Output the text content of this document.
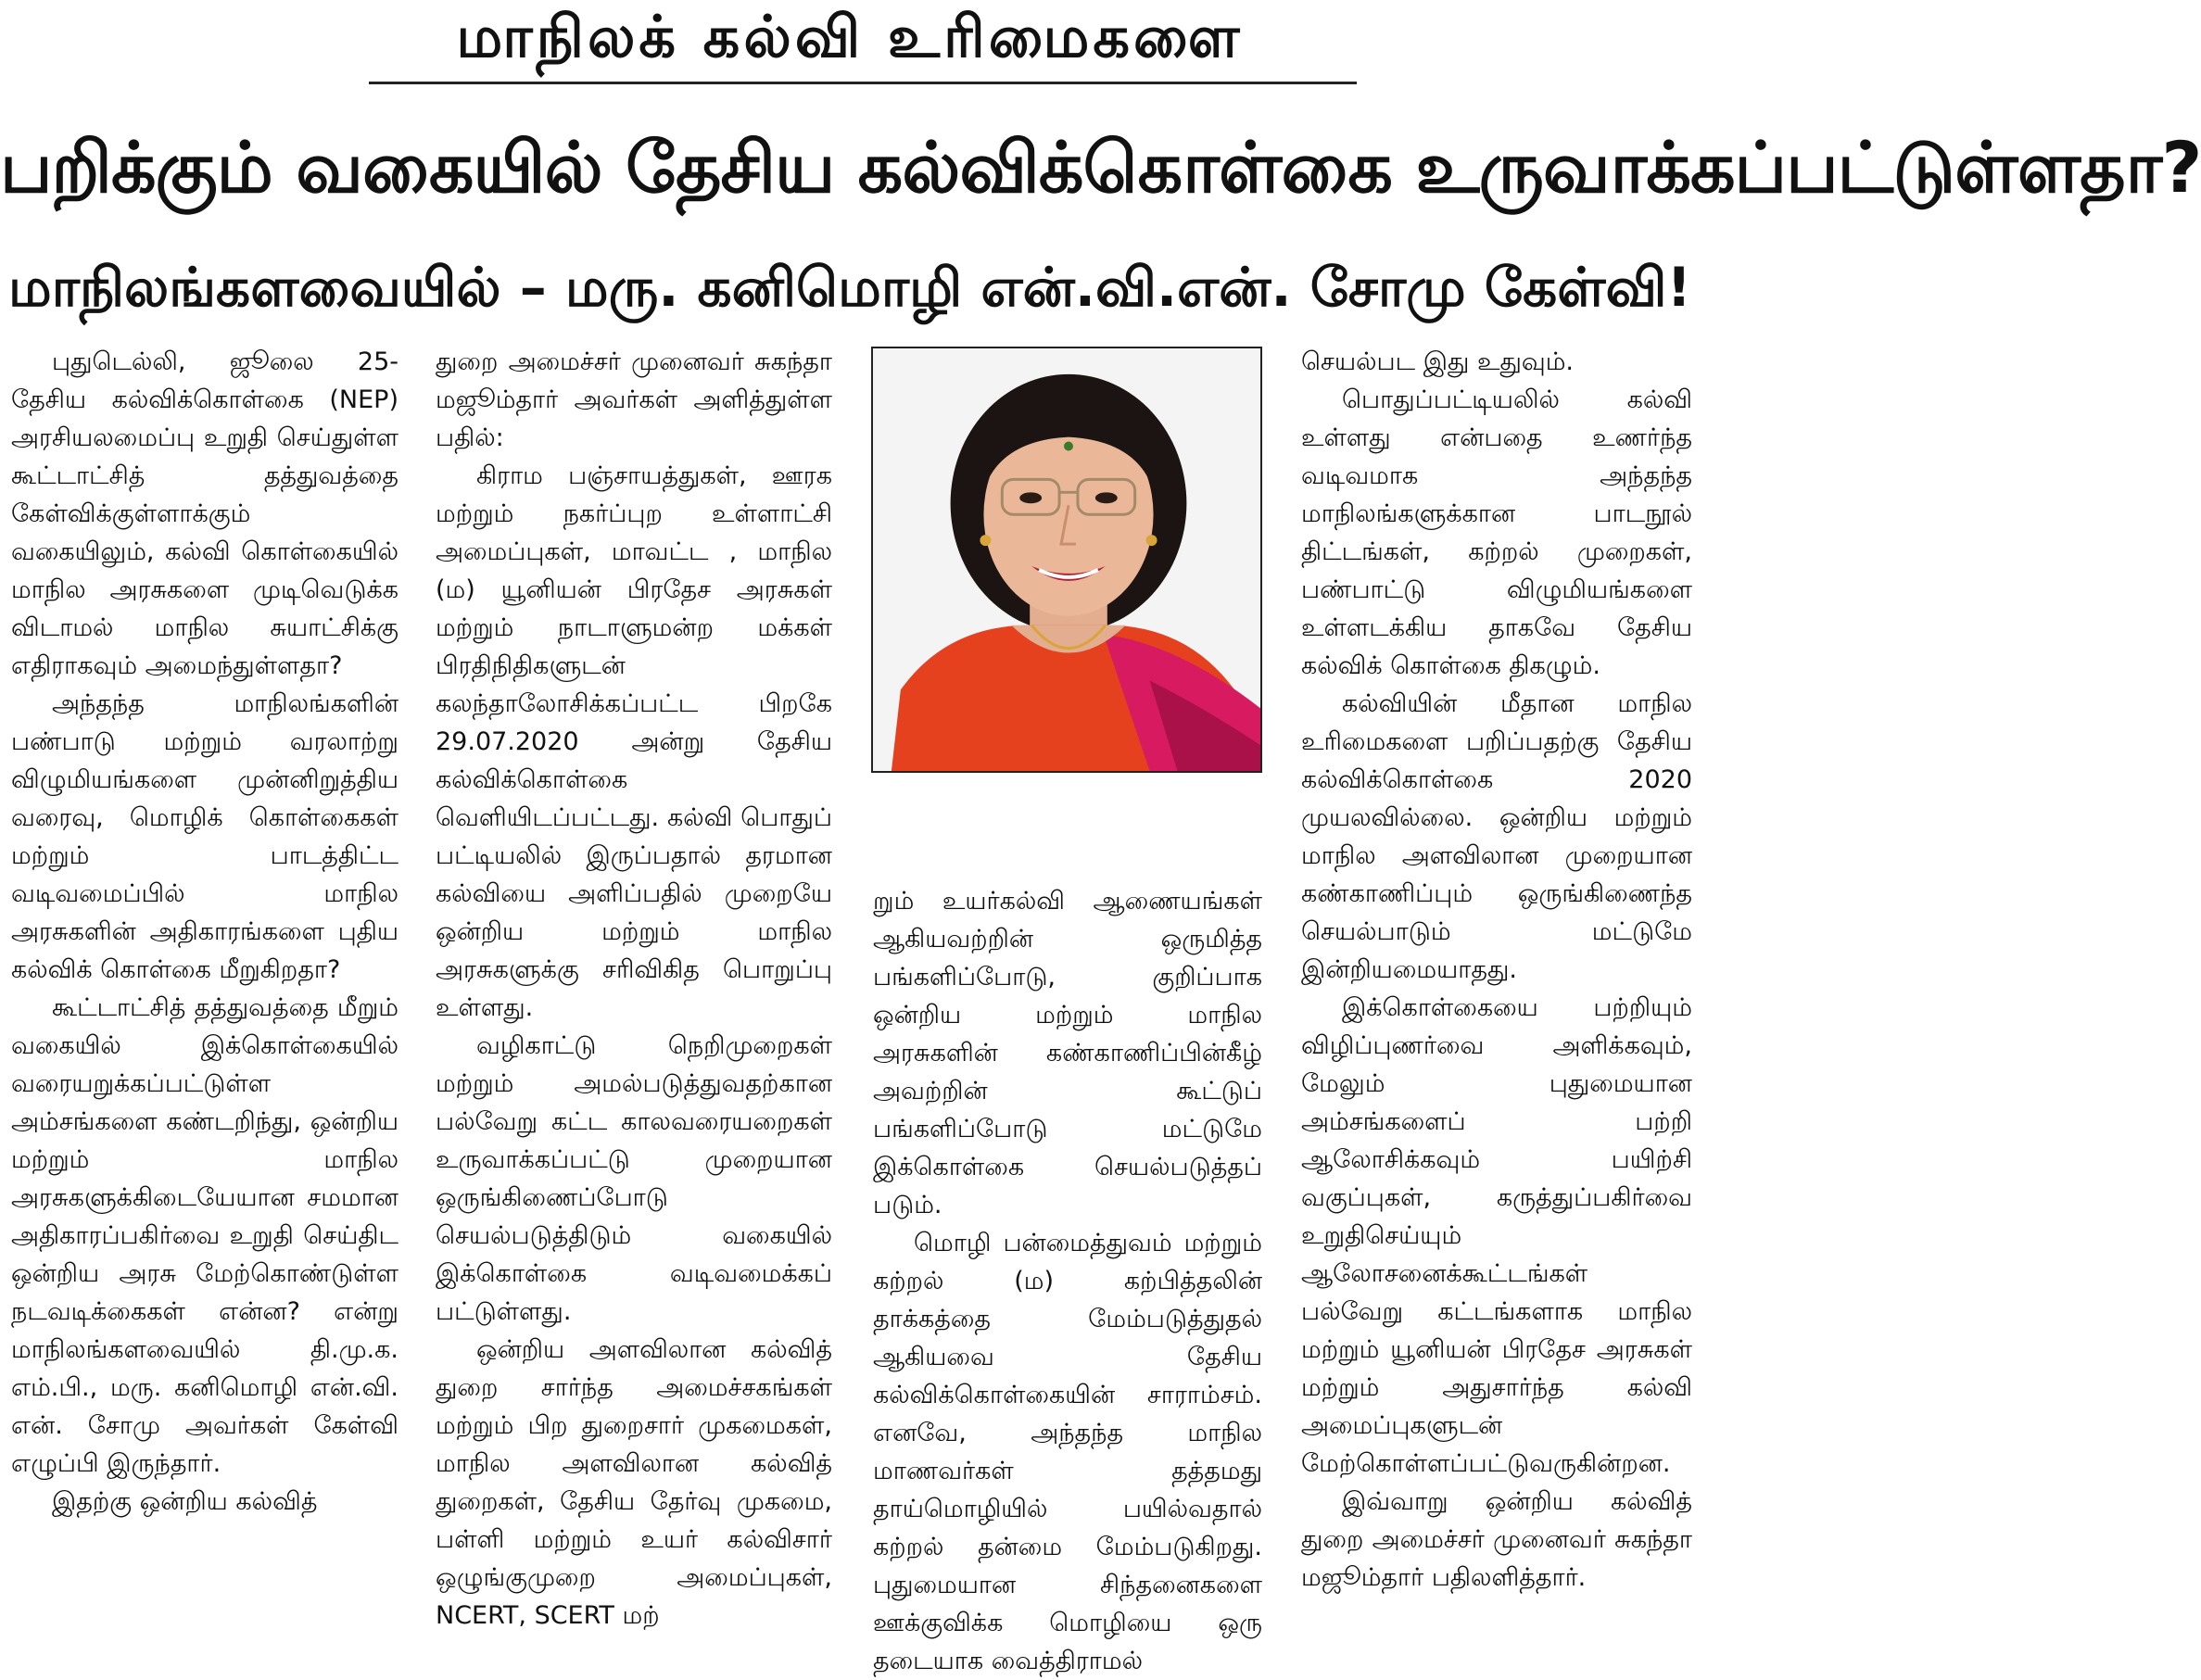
மாநிலக் கல்வி உரிமைகளை
பறிக்கும் வகையில் தேசிய கல்விக்கொள்கை உருவாக்கப்பட்டுள்ளதா?
மாநிலங்களவையில் – மரு. கனிமொழி என்.வி.என். சோமு கேள்வி!

புதுடெல்லி, ஜூலை 25- தேசிய கல்விக்கொள்கை (NEP) அரசியலமைப்பு உறுதி செய்துள்ள கூட்டாட்சித் தத்துவத்தை கேள்விக்குள்ளாக்கும் வகையிலும், கல்வி கொள்கையில் மாநில அரசுகளை முடிவெடுக்க விடாமல் மாநில சுயாட்சிக்கு எதிராகவும் அமைந்துள்ளதா?

அந்தந்த மாநிலங்களின் பண்பாடு மற்றும் வரலாற்று விழுமியங்களை முன்னிறுத்திய வரைவு, மொழிக் கொள்கைகள் மற்றும் பாடத்திட்ட வடிவமைப்பில் மாநில அரசுகளின் அதிகாரங்களை புதிய கல்விக் கொள்கை மீறுகிறதா?

கூட்டாட்சித் தத்துவத்தை மீறும் வகையில் இக்கொள்கையில் வரையறுக்கப்பட்டுள்ள அம்சங்களை கண்டறிந்து, ஒன்றிய மற்றும் மாநில அரசுகளுக்கிடையேயான சமமான அதிகாரப்பகிர்வை உறுதி செய்திட ஒன்றிய அரசு மேற்கொண்டுள்ள நடவடிக்கைகள் என்ன? என்று மாநிலங்களவையில் தி.மு.க. எம்.பி., மரு. கனிமொழி என்.வி. என். சோமு அவர்கள் கேள்வி எழுப்பி இருந்தார்.

இதற்கு ஒன்றிய கல்வித்

துறை அமைச்சர் முனைவர் சுகந்தா மஜூம்தார் அவர்கள் அளித்துள்ள பதில்:

கிராம பஞ்சாயத்துகள், ஊரக மற்றும் நகர்ப்புற உள்ளாட்சி அமைப்புகள், மாவட்ட , மாநில (ம) யூனியன் பிரதேச அரசுகள் மற்றும் நாடாளுமன்ற மக்கள் பிரதிநிதிகளுடன் கலந்தாலோசிக்கப்பட்ட பிறகே 29.07.2020 அன்று தேசிய கல்விக்கொள்கை வெளியிடப்பட்டது. கல்வி பொதுப் பட்டியலில் இருப்பதால் தரமான கல்வியை அளிப்பதில் முறையே ஒன்றிய மற்றும் மாநில அரசுகளுக்கு சரிவிகித பொறுப்பு உள்ளது.

வழிகாட்டு நெறிமுறைகள் மற்றும் அமல்படுத்துவதற்கான பல்வேறு கட்ட காலவரையறைகள் உருவாக்கப்பட்டு முறையான ஒருங்கிணைப்போடு செயல்படுத்திடும் வகையில் இக்கொள்கை வடிவமைக்கப் பட்டுள்ளது.

ஒன்றிய அளவிலான கல்வித் துறை சார்ந்த அமைச்சகங்கள் மற்றும் பிற துறைசார் முகமைகள், மாநில அளவிலான கல்வித் துறைகள், தேசிய தேர்வு முகமை, பள்ளி மற்றும் உயர் கல்விசார் ஒழுங்குமுறை அமைப்புகள், NCERT, SCERT மற்

றும் உயர்கல்வி ஆணையங்கள் ஆகியவற்றின் ஒருமித்த பங்களிப்போடு, குறிப்பாக ஒன்றிய மற்றும் மாநில அரசுகளின் கண்காணிப்பின்கீழ் அவற்றின் கூட்டுப் பங்களிப்போடு மட்டுமே இக்கொள்கை செயல்படுத்தப் படும்.

மொழி பன்மைத்துவம் மற்றும் கற்றல் (ம) கற்பித்தலின் தாக்கத்தை மேம்படுத்துதல் ஆகியவை தேசிய கல்விக்கொள்கையின் சாராம்சம். எனவே, அந்தந்த மாநில மாணவர்கள் தத்தமது தாய்மொழியில் பயில்வதால் கற்றல் தன்மை மேம்படுகிறது. புதுமையான சிந்தனைகளை ஊக்குவிக்க மொழியை ஒரு தடையாக வைத்திராமல்

செயல்பட இது உதுவும்.

பொதுப்பட்டியலில் கல்வி உள்ளது என்பதை உணர்ந்த வடிவமாக அந்தந்த மாநிலங்களுக்கான பாடநூல் திட்டங்கள், கற்றல் முறைகள், பண்பாட்டு விழுமியங்களை உள்ளடக்கிய தாகவே தேசிய கல்விக் கொள்கை திகழும்.

கல்வியின் மீதான மாநில உரிமைகளை பறிப்பதற்கு தேசிய கல்விக்கொள்கை 2020 முயலவில்லை. ஒன்றிய மற்றும் மாநில அளவிலான முறையான கண்காணிப்பும் ஒருங்கிணைந்த செயல்பாடும் மட்டுமே இன்றியமையாதது.

இக்கொள்கையை பற்றியும் விழிப்புணர்வை அளிக்கவும், மேலும் புதுமையான அம்சங்களைப் பற்றி ஆலோசிக்கவும் பயிற்சி வகுப்புகள், கருத்துப்பகிர்வை உறுதிசெய்யும் ஆலோசனைக்கூட்டங்கள் பல்வேறு கட்டங்களாக மாநில மற்றும் யூனியன் பிரதேச அரசுகள் மற்றும் அதுசார்ந்த கல்வி அமைப்புகளுடன் மேற்கொள்ளப்பட்டுவருகின்றன.

இவ்வாறு ஒன்றிய கல்வித் துறை அமைச்சர் முனைவர் சுகந்தா மஜூம்தார் பதிலளித்தார்.
